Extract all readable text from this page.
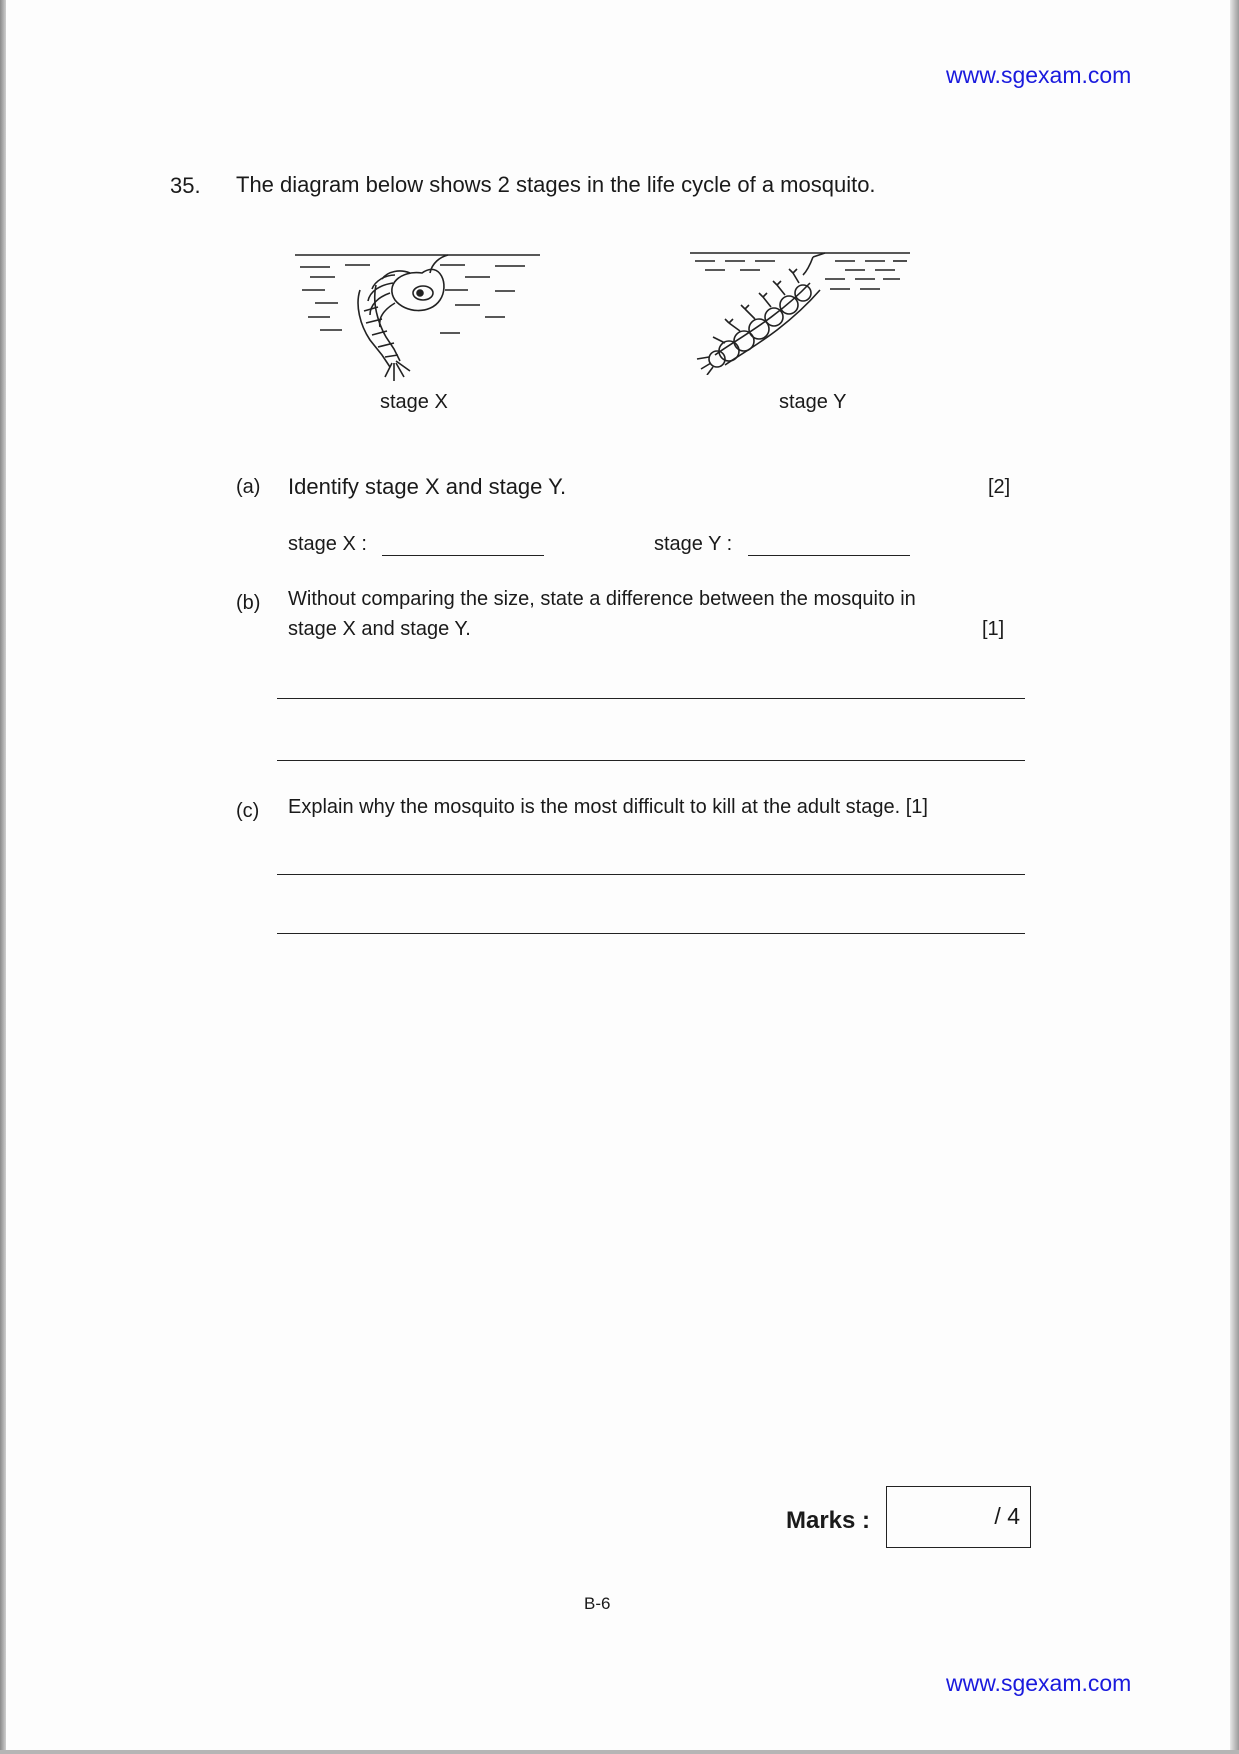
www.sgexam.com
35. The diagram below shows 2 stages in the life cycle of a mosquito.
stage X	stage Y
(a) Identify stage X and stage Y.	[2]
stage X :	stage Y :
(b) Without comparing the size, state a difference between the mosquito in
stage X and stage Y.	[1]
(c) Explain why the mosquito is the most difficult to kill at the adult stage. [1]
Marks :	/ 4
B-6
www.sgexam.com
